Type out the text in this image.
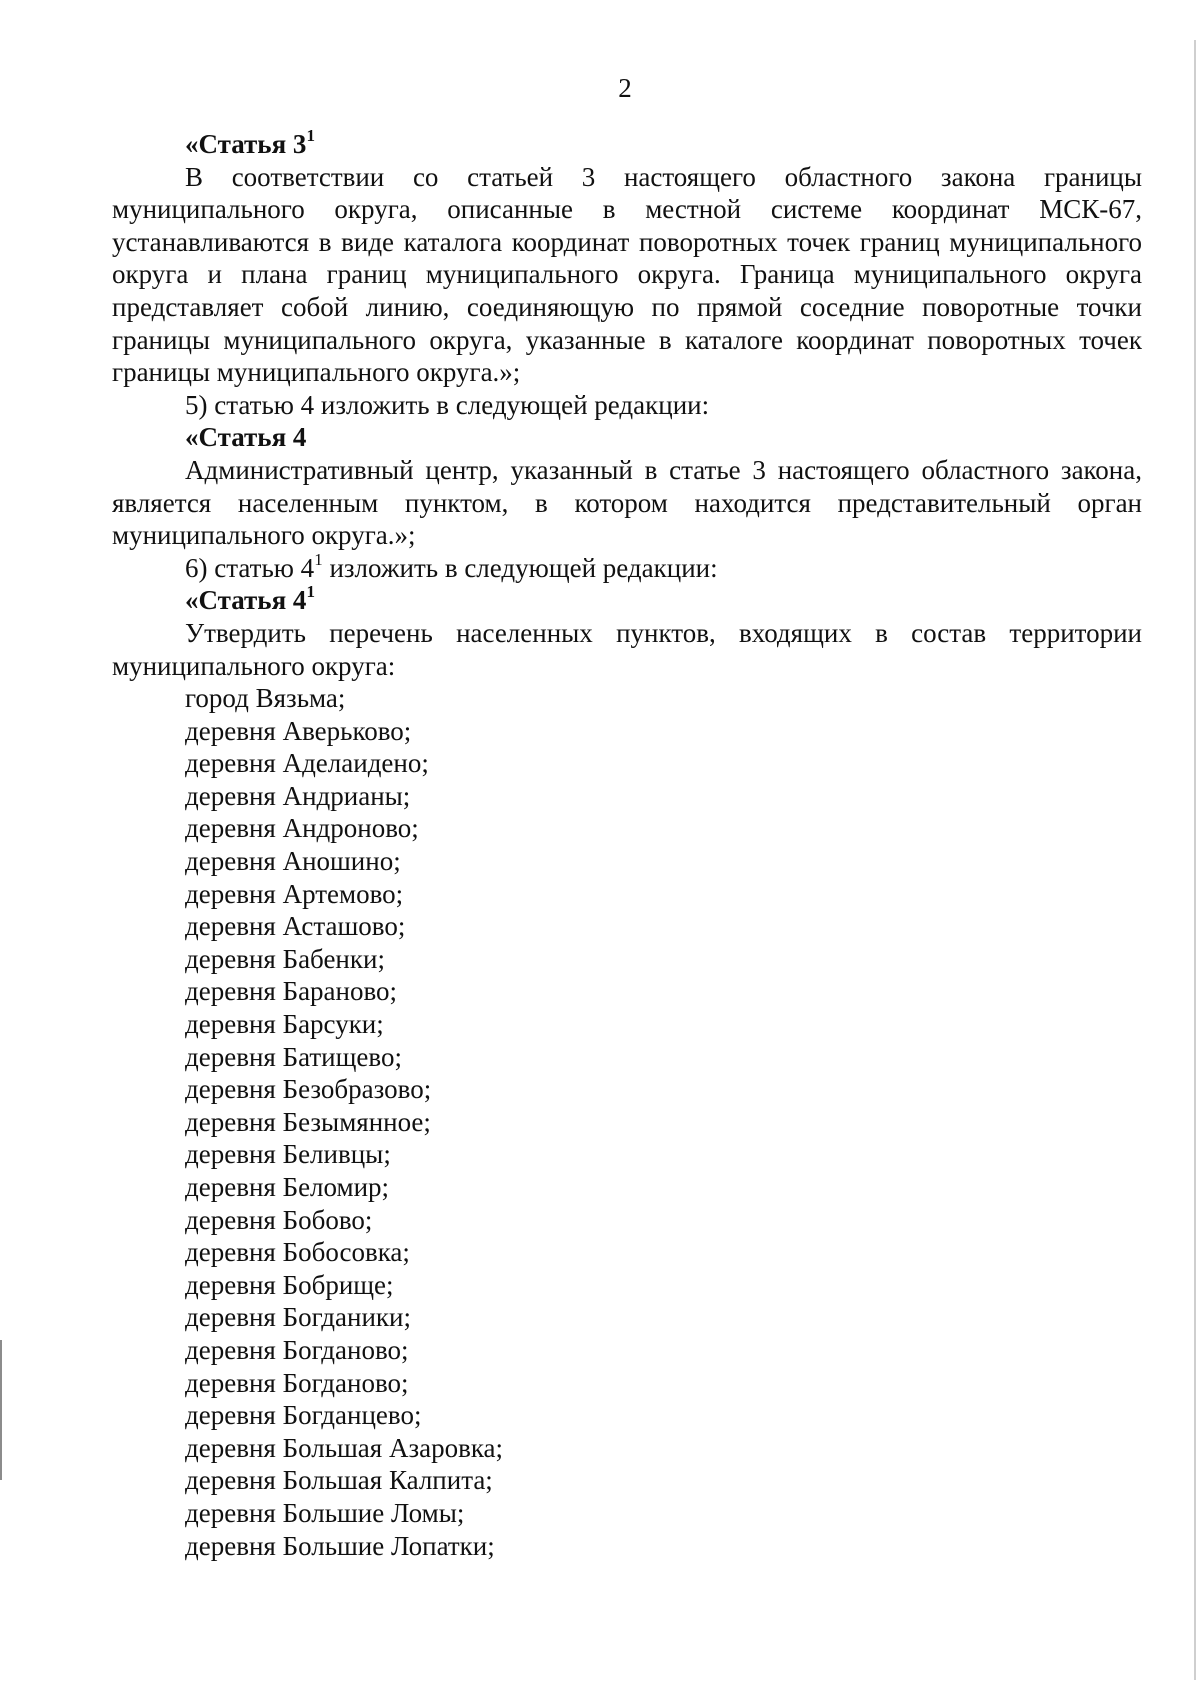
2

«Статья $3^1$

В соответствии со статьей 3 настоящего областного закона границы муниципального округа, описанные в местной системе координат МСК-67, устанавливаются в виде каталога координат поворотных точек границ муниципального округа и плана границ муниципального округа. Граница муниципального округа представляет собой линию, соединяющую по прямой соседние поворотные точки границы муниципального округа, указанные в каталоге координат поворотных точек границы муниципального округа.»;

5) статью 4 изложить в следующей редакции:

«Статья 4

Административный центр, указанный в статье 3 настоящего областного закона, является населенным пунктом, в котором находится представительный орган муниципального округа.»;

6) статью $4^1$ изложить в следующей редакции:

«Статья $4^1$

Утвердить перечень населенных пунктов, входящих в состав территории муниципального округа:

город Вязьма;
деревня Аверьково;
деревня Аделаидено;
деревня Андрианы;
деревня Андроново;
деревня Аношино;
деревня Артемово;
деревня Асташово;
деревня Бабенки;
деревня Бараново;
деревня Барсуки;
деревня Батищево;
деревня Безобразово;
деревня Безымянное;
деревня Беливцы;
деревня Беломир;
деревня Бобово;
деревня Бобосовка;
деревня Бобрище;
деревня Богданики;
деревня Богданово;
деревня Богданово;
деревня Богданцево;
деревня Большая Азаровка;
деревня Большая Калпита;
деревня Большие Ломы;
деревня Большие Лопатки;
